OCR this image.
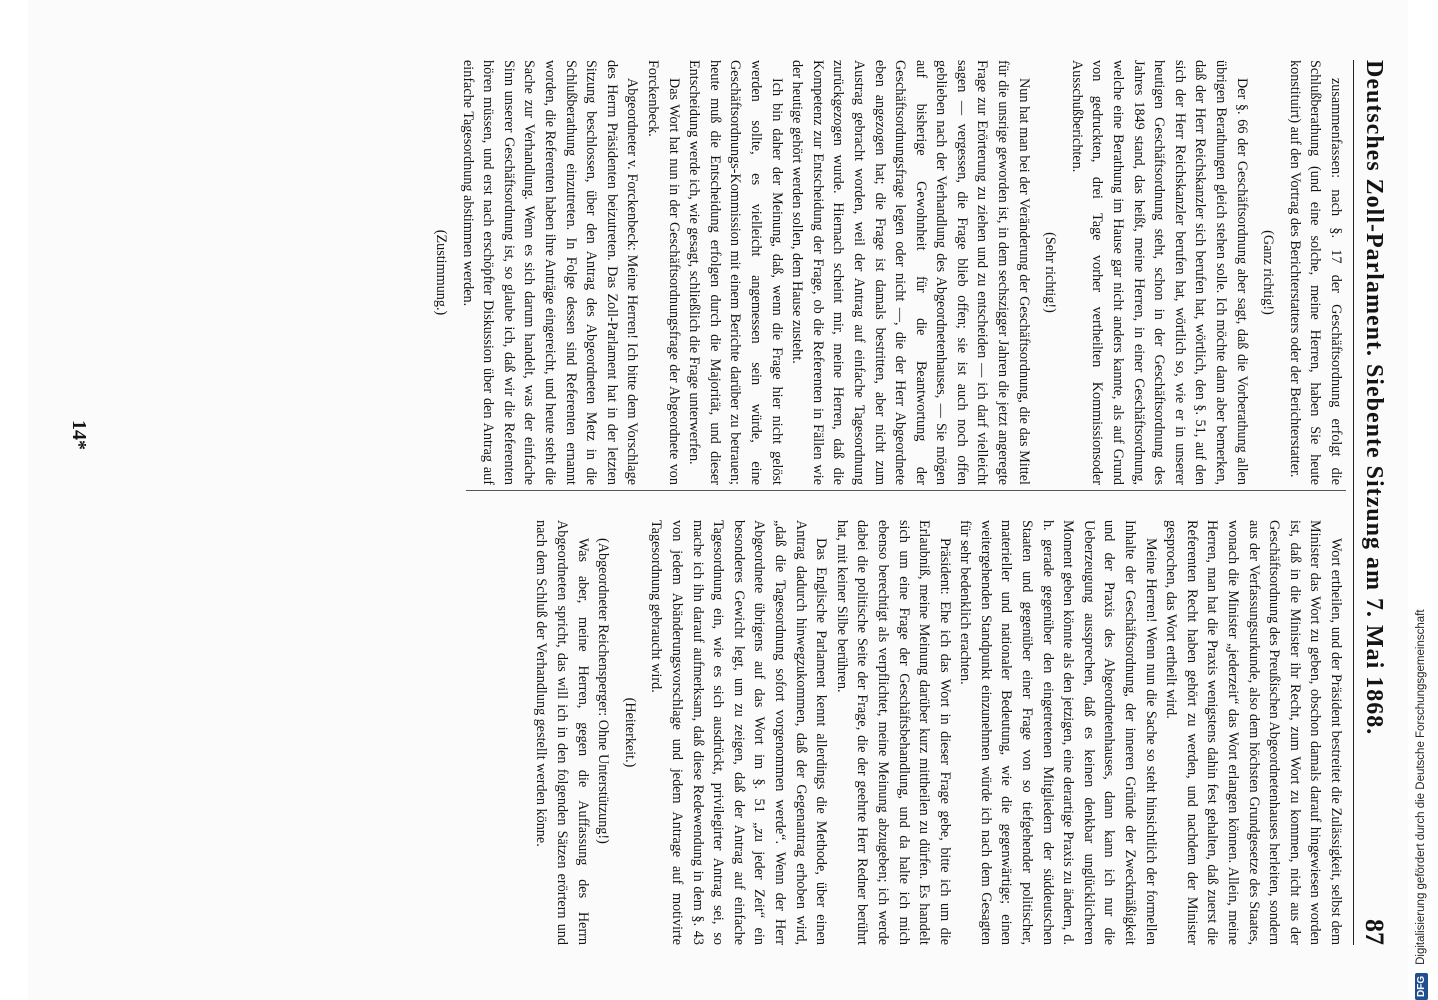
Deutsches Zoll-Parlament. Siebente Sitzung am 7. Mai 1868.
87

zusammenfassen: nach §. 17 der Geschäftsordnung erfolgt die Schlußberathung (und eine solche, meine Herren, haben Sie heute konstituirt) auf den Vortrag des Berichterstatters oder der Berichterstatter.

(Ganz richtig!)

Der §. 66 der Geschäftsordnung aber sagt, daß die Vorberathung allen übrigen Berathungen gleich stehen solle. Ich möchte dann aber bemerken, daß der Herr Reichskanzler sich berufen hat, wörtlich, den §. 51, auf den sich der Herr Reichskanzler berufen hat, wörtlich so, wie er in unserer heutigen Geschäftsordnung steht, schon in der Geschäftsordnung des Jahres 1849 stand, das heißt, meine Herren, in einer Geschäftsordnung, welche eine Berathung im Hause gar nicht anders kannte, als auf Grund von gedruckten, drei Tage vorher vertheilten Kommissionsoder Ausschußberichten.

(Sehr richtig!)

Nun hat man bei der Veränderung der Geschäftsordnung, die das Mittel für die unsrige geworden ist, in dem sechszigger Jahren die jetzt angeregte Frage zur Erörterung zu ziehen und zu entscheiden — ich darf vielleicht sagen — vergessen, die Frage blieb offen; sie ist auch noch offen geblieben nach der Verhandlung des Abgeordnetenhauses, — Sie mögen auf bisherige Gewohnheit für die Beantwortung der Geschäftsordnungsfrage legen oder nicht —, die der Herr Abgeordnete eben angezogen hat; die Frage ist damals bestritten, aber nicht zum Austrag gebracht worden, weil der Antrag auf einfache Tagesordnung zurückgezogen wurde. Hiernach scheint mir, meine Herren, daß die Kompetenz zur Entscheidung der Frage, ob die Referenten in Fällen wie der heutige gehört werden sollen, dem Hause zusteht.

Ich bin daher der Meinung, daß, wenn die Frage hier nicht gelöst werden sollte, es vielleicht angemessen sein würde, eine Geschäftsordnungs-Kommission mit einem Berichte darüber zu betrauen; heute muß die Entscheidung erfolgen durch die Majorität, und dieser Entscheidung werde ich, wie gesagt, schließlich die Frage unterwerfen.

Das Wort hat nun in der Geschäftsordnungsfrage der Abgeordnete von Forckenbeck.

Abgeordneter v. Forckenbeck: Meine Herren! Ich bitte dem Vorschlage des Herrn Präsidenten beizutreten. Das Zoll-Parlament hat in der letzten Sitzung beschlossen, über den Antrag des Abgeordneten Metz in die Schlußberathung einzutreten. In Folge dessen sind Referenten ernannt worden, die Referenten haben ihre Anträge eingereicht, und heute steht die Sache zur Verhandlung. Wenn es sich darum handelt, was der einfache Sinn unserer Geschäftsordnung ist, so glaube ich, daß wir die Referenten hören müssen, und erst nach erschöpfter Diskussion über den Antrag auf einfache Tagesordnung abstimmen werden.

(Zustimmung.)

Wort ertheilen, und der Präsident bestreitet die Zulässigkeit, selbst dem Minister das Wort zu geben, obschon damals darauf hingewiesen worden ist, daß in die Minister ihr Recht, zum Wort zu kommen, nicht aus der Geschäftsordnung des Preußischen Abgeordnetenhauses herleiten, sondern aus der Verfassungsurkunde, also dem höchsten Grundgesetze des Staates, wonach die Minister „jederzeit“ das Wort erlangen können. Allein, meine Herren, man hat die Praxis wenigstens dahin fest gehalten, daß zuerst die Referenten Recht haben gehört zu werden, und nachdem der Minister gesprochen, das Wort ertheilt wird.

Meine Herren! Wenn nun die Sache so steht hinsichtlich der formellen Inhalte der Geschäftsordnung, der inneren Gründe der Zweckmäßigkeit und der Praxis des Abgeordnetenhauses, dann kann ich nur die Ueberzeugung aussprechen, daß es keinen denkbar unglücklicheren Moment geben könnte als den jetzigen, eine derartige Praxis zu ändern, d. h. gerade gegenüber den eingetretenen Mitgliedern der süddeutschen Staaten und gegenüber einer Frage von so tiefgehender politischer, materieller und nationaler Bedeutung, wie die gegenwärtige; einen weitergehenden Standpunkt einzunehmen würde ich nach dem Gesagten für sehr bedenklich erachten.

Präsident: Ehe ich das Wort in dieser Frage gebe, bitte ich um die Erlaubniß, meine Meinung darüber kurz mittheilen zu dürfen. Es handelt sich um eine Frage der Geschäftsbehandlung, und da halte ich mich ebenso berechtigt als verpflichtet, meine Meinung abzugeben; ich werde dabei die politische Seite der Frage, die der geehrte Herr Redner berührt hat, mit keiner Silbe berühren.

Das Englische Parlament kennt allerdings die Methode, über einen Antrag dadurch hinwegzukommen, daß der Gegenantrag erhoben wird, „daß die Tagesordnung sofort vorgenommen werde“. Wenn der Herr Abgeordnete übrigens auf das Wort im §. 51 „zu jeder Zeit“ ein besonderes Gewicht legt, um zu zeigen, daß der Antrag auf einfache Tagesordnung ein, wie es sich ausdrückt, privilegirter Antrag sei, so mache ich ihn darauf aufmerksam, daß diese Redewendung in dem §. 43 von jedem Abänderungsvorschlage und jedem Antrage auf motivirte Tagesordnung gebraucht wird.

(Heiterkeit.)

(Abgeordneter Reichensperger: Ohne Unterstützung!)

Was aber, meine Herren, gegen die Auffassung des Herrn Abgeordneten spricht, das will ich in den folgenden Sätzen erörtern und nach dem Schluß der Verhandlung gestellt werden könne.

14*
DFG
Digitalisierung gefördert durch die Deutsche Forschungsgemeinschaft
